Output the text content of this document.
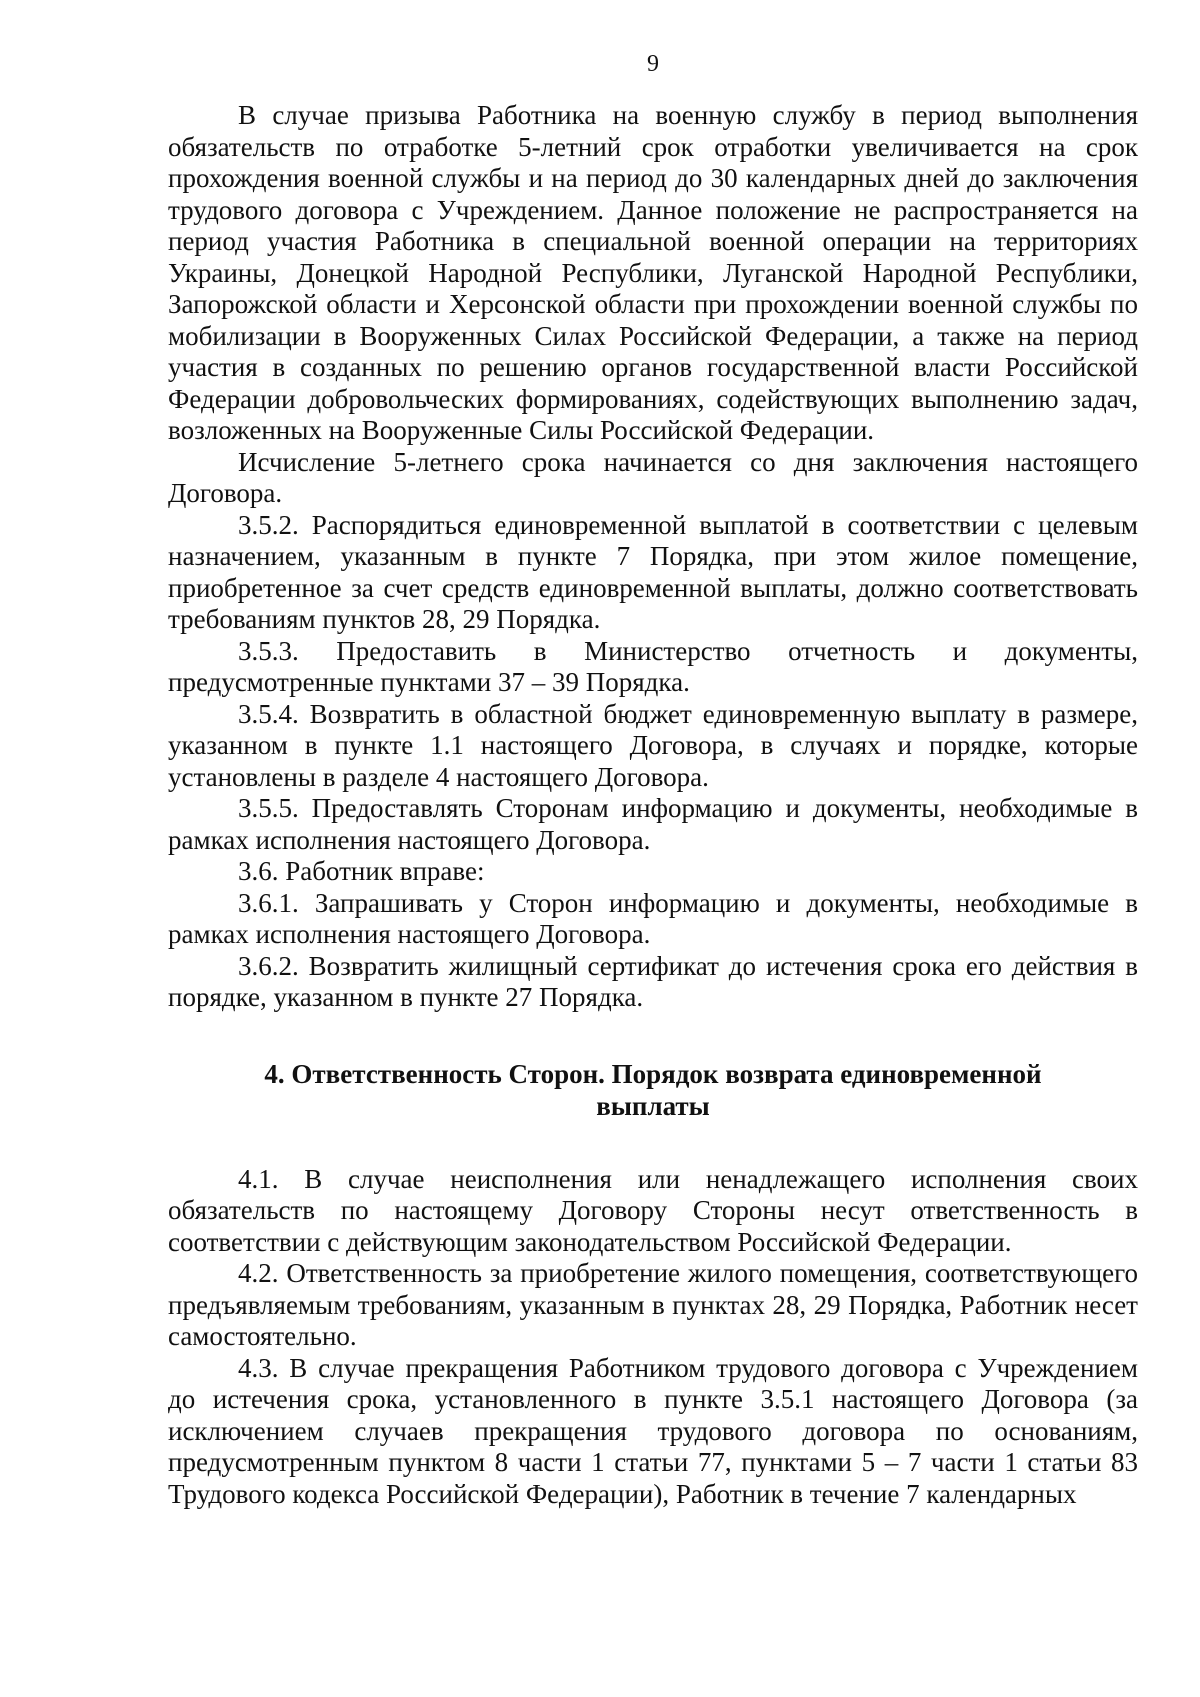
9

В случае призыва Работника на военную службу в период выполнения обязательств по отработке 5-летний срок отработки увеличивается на срок прохождения военной службы и на период до 30 календарных дней до заключения трудового договора с Учреждением. Данное положение не распространяется на период участия Работника в специальной военной операции на территориях Украины, Донецкой Народной Республики, Луганской Народной Республики, Запорожской области и Херсонской области при прохождении военной службы по мобилизации в Вооруженных Силах Российской Федерации, а также на период участия в созданных по решению органов государственной власти Российской Федерации добровольческих формированиях, содействующих выполнению задач, возложенных на Вооруженные Силы Российской Федерации.

Исчисление 5-летнего срока начинается со дня заключения настоящего Договора.

3.5.2. Распорядиться единовременной выплатой в соответствии с целевым назначением, указанным в пункте 7 Порядка, при этом жилое помещение, приобретенное за счет средств единовременной выплаты, должно соответствовать требованиям пунктов 28, 29 Порядка.

3.5.3. Предоставить в Министерство отчетность и документы, предусмотренные пунктами 37 – 39 Порядка.

3.5.4. Возвратить в областной бюджет единовременную выплату в размере, указанном в пункте 1.1 настоящего Договора, в случаях и порядке, которые установлены в разделе 4 настоящего Договора.

3.5.5. Предоставлять Сторонам информацию и документы, необходимые в рамках исполнения настоящего Договора.

3.6. Работник вправе:

3.6.1. Запрашивать у Сторон информацию и документы, необходимые в рамках исполнения настоящего Договора.

3.6.2. Возвратить жилищный сертификат до истечения срока его действия в порядке, указанном в пункте 27 Порядка.

4. Ответственность Сторон. Порядок возврата единовременной выплаты

4.1. В случае неисполнения или ненадлежащего исполнения своих обязательств по настоящему Договору Стороны несут ответственность в соответствии с действующим законодательством Российской Федерации.

4.2. Ответственность за приобретение жилого помещения, соответствующего предъявляемым требованиям, указанным в пунктах 28, 29 Порядка, Работник несет самостоятельно.

4.3. В случае прекращения Работником трудового договора с Учреждением до истечения срока, установленного в пункте 3.5.1 настоящего Договора (за исключением случаев прекращения трудового договора по основаниям, предусмотренным пунктом 8 части 1 статьи 77, пунктами 5 – 7 части 1 статьи 83 Трудового кодекса Российской Федерации), Работник в течение 7 календарных
